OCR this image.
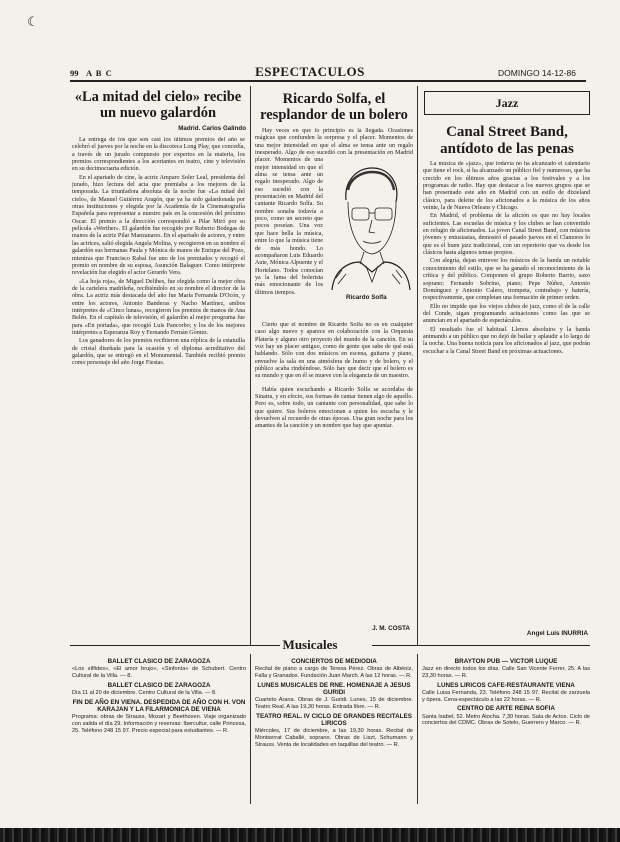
☾
99 A B C	ESPECTACULOS	DOMINGO 14-12-86
«La mitad del cielo» recibe un nuevo galardón
Madrid. Carlos Galindo

La entrega de los que son casi los últimos premios del año se celebró el jueves por la noche en la discoteca Long Play, que concedía, a través de un jurado compuesto por expertos en la materia, los premios correspondientes a los acertantes en teatro, cine y televisión en su decimocuarta edición.

En el apartado de cine, la actriz Amparo Soler Leal, presidenta del jurado, hizo lectura del acta que premiaba a los mejores de la temporada. La triunfadora absoluta de la noche fue «La mitad del cielo», de Manuel Gutiérrez Aragón, que ya ha sido galardonada por otras instituciones y elegida por la Academia de la Cinematografía Española para representar a nuestro país en la concesión del próximo Oscar. El premio a la dirección correspondió a Pilar Miró por su película «Werther». El galardón fue recogido por Roberto Bodegas de manos de la actriz Pilar Manzanares. En el apartado de actores, y entre las actrices, salió elegida Angela Molina, y recogieron en su nombre el galardón sus hermanas Paula y Mónica de manos de Enrique del Pozo, mientras que Francisco Rabal fue uno de los premiados y recogió el premio en nombre de su esposa, Asunción Balaguer. Como intérprete revelación fue elegido el actor Gerardo Vera.

«La hoja roja», de Miguel Delibes, fue elegida como la mejor obra de la cartelera madrileña, recibiéndolo en su nombre el director de la obra. La actriz más destacada del año fue María Fernanda D'Ocón, y entre los actores, Antonio Banderas y Nacho Martínez, ambos intérpretes de «Cinco lunas», recogieron los premios de manos de Ana Belén. En el capítulo de televisión, el galardón al mejor programa fue para «En portada», que recogió Luis Pancorbo; y los de los mejores intérpretes a Esperanza Roy y Fernando Fernán Gómez.

Los ganadores de los premios recibieron una réplica de la estatuilla de cristal diseñada para la ocasión y el diploma acreditativo del galardón, que se entregó en el Monumental. También recibió premio como personaje del año Jorge Fiestas.

Ricardo Solfa, el resplandor de un bolero

Hay veces en que lo principio es la llegada. Ocasiones mágicas que confunden la sorpresa y el placer. Momentos de una mejor intensidad en que el alma se tensa ante un regalo inesperado. Algo de eso sucedió con la presentación en Madrid

placer. Momentos de una mejor intensidad en que el alma se tensa ante un regalo inesperado. Algo de eso sucedió con la presentación en Madrid del cantante Ricardo Solfa. Su nombre sonaba todavía a poco, como un secreto que pocos poseían. Una voz que hace bella la música, entre lo que la música tiene de más hondo. Lo acompañaron Luis Eduardo Aute, Mónica Alpuente y el Hortelano. Todos conocían ya la fama del bolerista más emocionante de los últimos tiempos.

Ricardo Solfa

Cierto que el nombre de Ricardo Solfa no es en cualquier caso algo nuevo y aparece en colaboración con la Orquesta Platería y alguno otro proyecto del mundo de la canción. En su voz hay un placer antiguo, como de gente que sabe de qué está hablando. Sólo con dos músicos en escena, guitarra y piano, envuelve la sala en una atmósfera de humo y de bolero, y el público acaba rindiéndose. Sólo hay que decir que el bolero es su mundo y que en él se mueve con la elegancia de un maestro.

Había quien escuchando a Ricardo Solfa se acordaba de Sinatra, y en efecto, sus formas de cantar tienen algo de aquello. Pero es, sobre todo, un cantante con personalidad, que sabe lo que quiere. Sus boleros emocionan a quien los escucha y le devuelven al recuerdo de otras épocas. Una gran noche para los amantes de la canción y un nombre que hay que apuntar.

J. M. COSTA
Jazz
Canal Street Band, antídoto de las penas

La música de «jazz», que todavía no ha alcanzado el calendario que tiene el rock, sí ha alcanzado un público fiel y numeroso, que ha crecido en los últimos años gracias a los festivales y a los programas de radio. Hay que destacar a los nuevos grupos que se han presentado este año en Madrid con un estilo de dixieland clásico, para deleite de los aficionados a la música de los años veinte, la de Nueva Orleans y Chicago.

En Madrid, el problema de la afición es que no hay locales suficientes. Las escuelas de música y los clubes se han convertido en refugio de aficionados. La joven Canal Street Band, con músicos jóvenes y entusiastas, demostró el pasado jueves en el Clamores lo que es el buen jazz tradicional, con un repertorio que va desde los clásicos hasta algunos temas propios.

Con alegría, dejan entrever los músicos de la banda un notable conocimiento del estilo, que se ha ganado el reconocimiento de la crítica y del público. Componen el grupo Roberto Barrio, saxo soprano; Fernando Sobrino, piano; Pepe Núñez, Antonio Domínguez y Antonio Calero, trompeta, contrabajo y batería, respectivamente, que completan una formación de primer orden.

Ello no impide que los viejos clubes de jazz, como el de la calle del Conde, sigan programando actuaciones como las que se anuncian en el apartado de espectáculos.

El resultado fue el habitual. Llenos absolutos y la banda animando a un público que no dejó de bailar y aplaudir a lo largo de la noche. Una buena noticia para los aficionados al jazz, que podrán escuchar a la Canal Street Band en próximas actuaciones.

Angel Luis INURRIA
Musicales
BALLET CLASICO DE ZARAGOZA
«Los sílfides», «El amor brujo», «Sinfonía» de Schubert. Centro Cultural de la Villa. — 8.
BALLET CLASICO DE ZARAGOZA
Día 11 al 20 de diciembre. Centro Cultural de la Villa. — 8.
FIN DE AÑO EN VIENA. DESPEDIDA DE AÑO CON H. VON KARAJAN Y LA FILARMONICA DE VIENA
Programa: obras de Strauss, Mozart y Beethoven. Viaje organizado con salida el día 29. Información y reservas: Ibercultur, calle Princesa, 25. Teléfono 248 15 97. Precio especial para estudiantes. — R.
CONCIERTOS DE MEDIODIA
Recital de piano a cargo de Teresa Pérez. Obras de Albéniz, Falla y Granados. Fundación Juan March. A las 12 horas. — R.
LUNES MUSICALES DE RNE. HOMENAJE A JESUS GURIDI
Cuarteto Arana. Obras de J. Guridi. Lunes, 15 de diciembre. Teatro Real. A las 19,30 horas. Entrada libre. — R.
TEATRO REAL. IV CICLO DE GRANDES RECITALES LIRICOS
Miércoles, 17 de diciembre, a las 19,30 horas. Recital de Montserrat Caballé, soprano. Obras de Liszt, Schumann y Strauss. Venta de localidades en taquillas del teatro. — R.
BRAYTON PUB — VICTOR LUQUE
Jazz en directo todos los días. Calle San Vicente Ferrer, 25. A las 23,30 horas. — R.
LUNES LIRICOS CAFE-RESTAURANTE VIENA
Calle Luisa Fernanda, 23. Teléfono 248 15 97. Recital de zarzuela y ópera. Cena-espectáculo a las 22 horas. — R.
CENTRO DE ARTE REINA SOFIA
Santa Isabel, 52. Metro Atocha. 7,30 horas. Sala de Actos. Ciclo de conciertos del CDMC. Obras de Sotelo, Guerrero y Marco. — R.
